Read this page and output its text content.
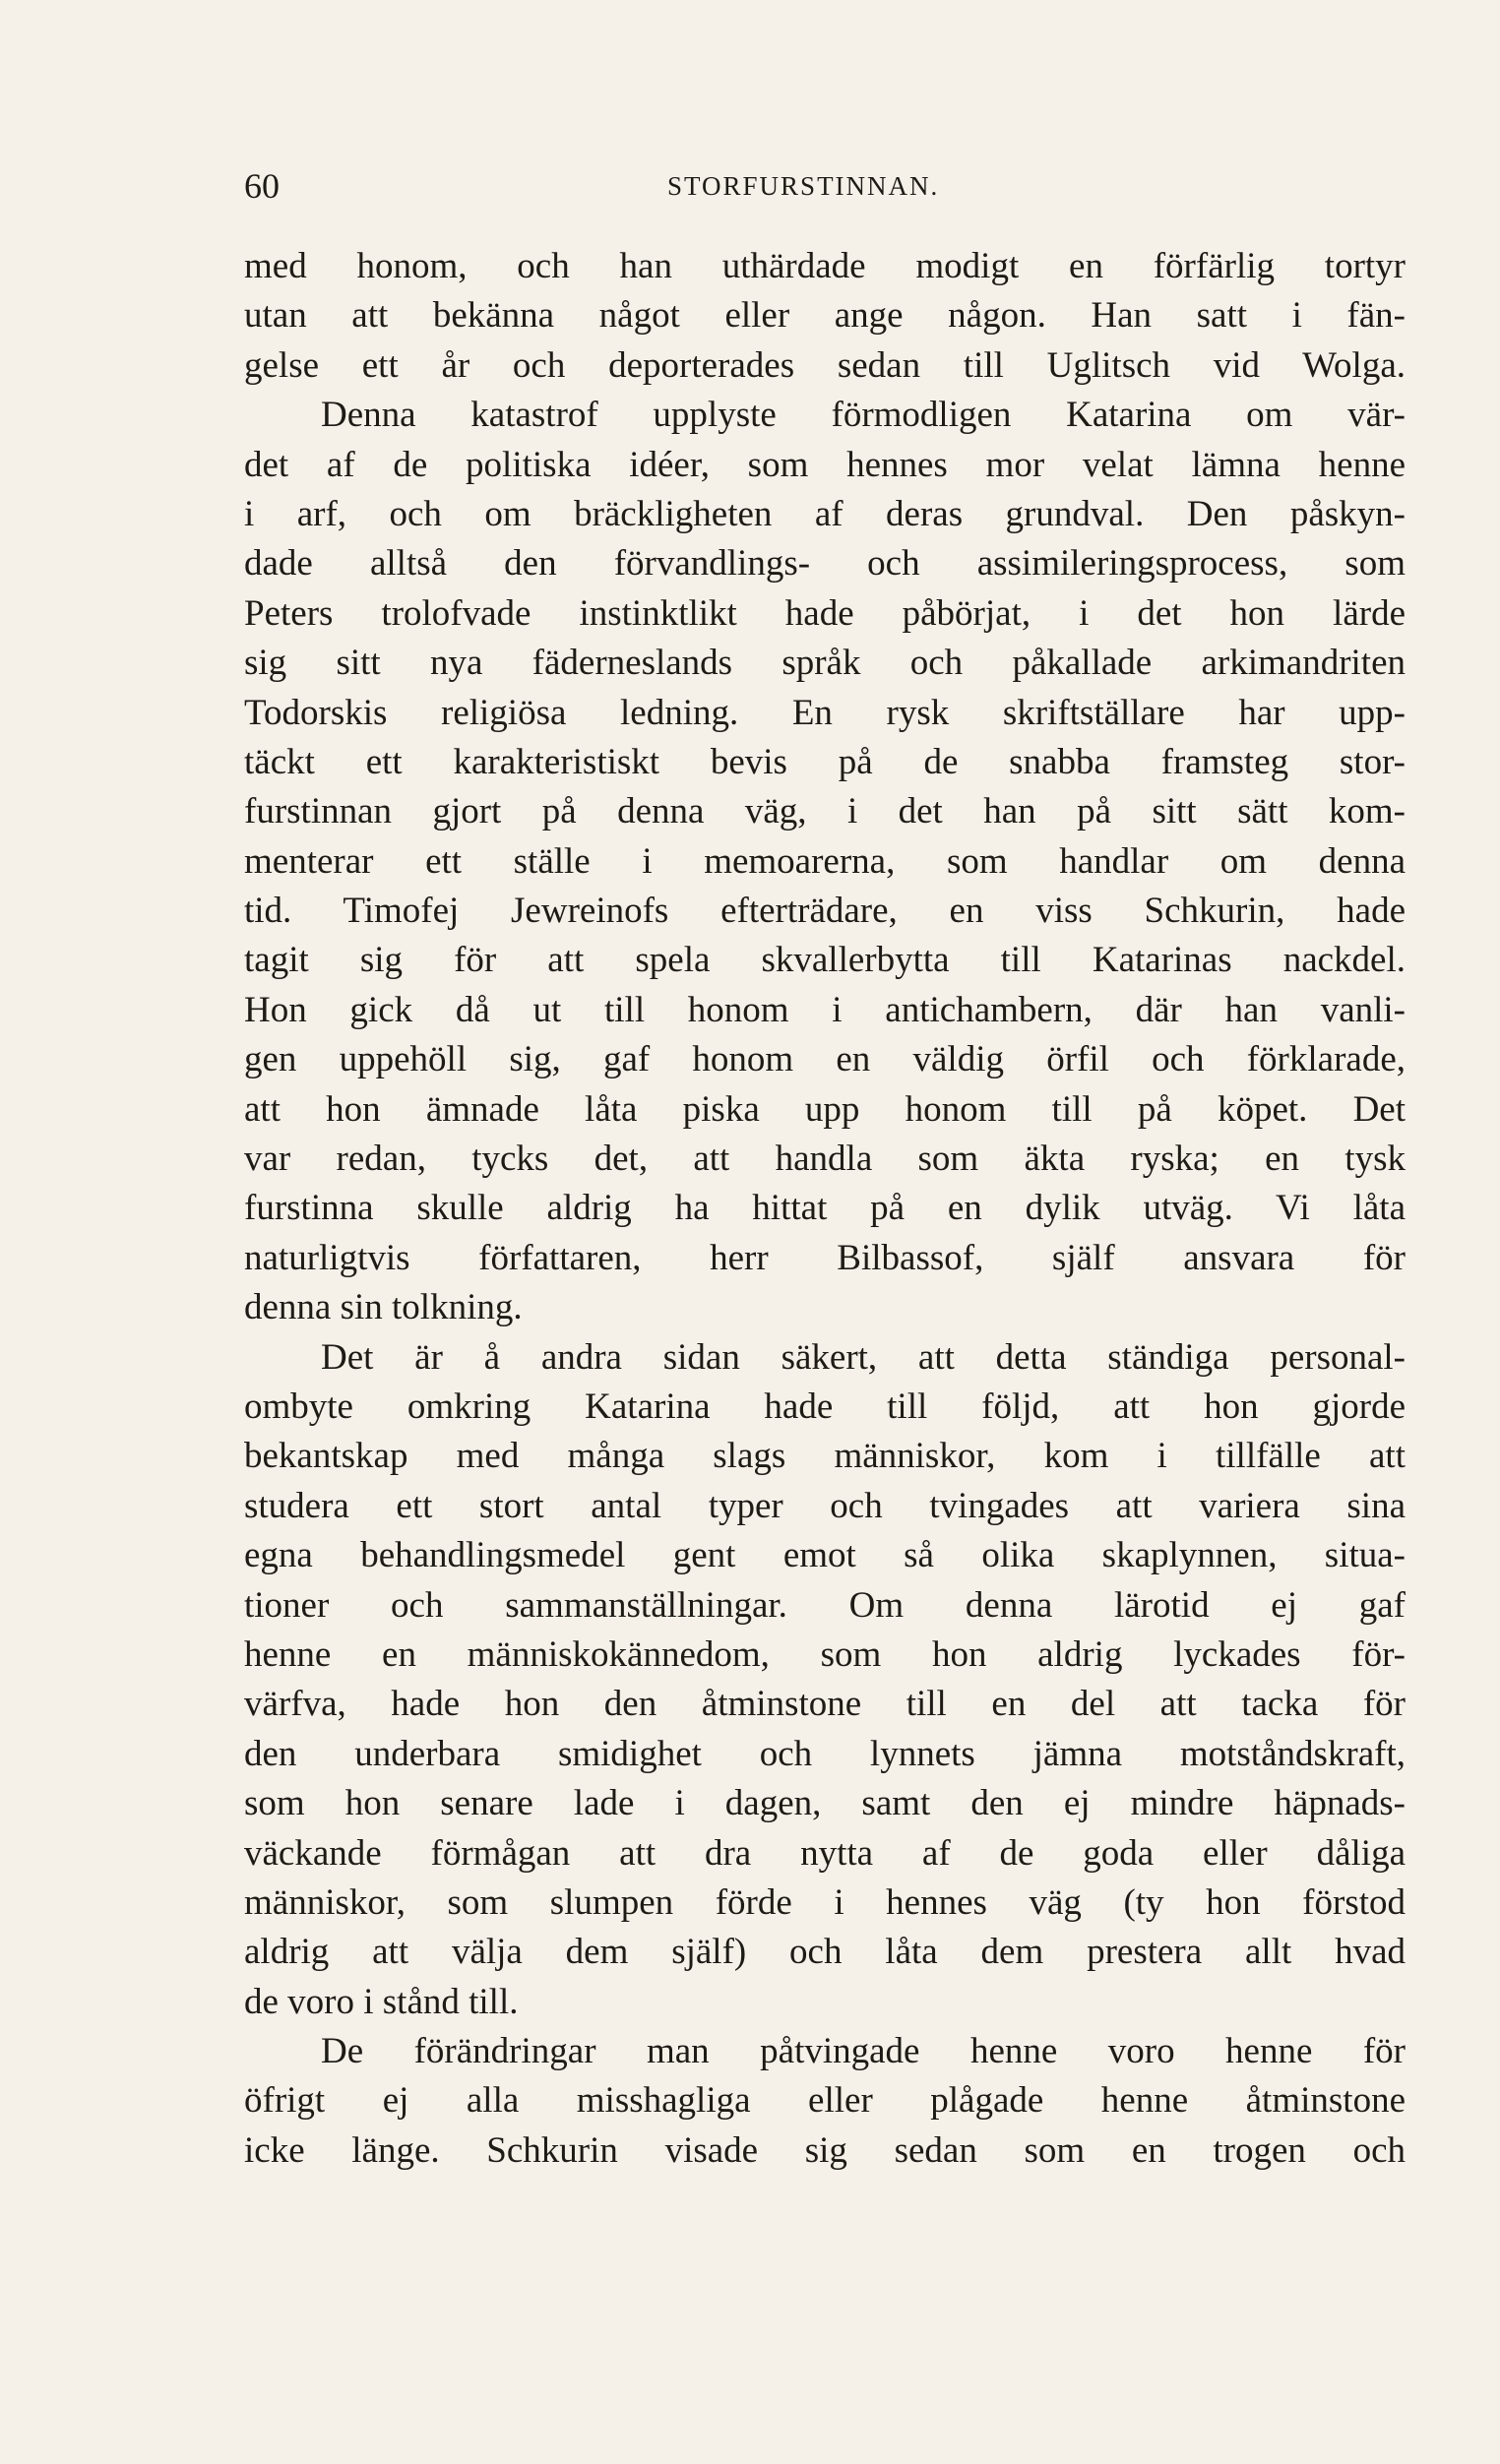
60	STORFURSTINNAN.
med honom, och han uthärdade modigt en förfärlig tortyr
utan att bekänna något eller ange någon. Han satt i fän-
gelse ett år och deporterades sedan till Uglitsch vid Wolga.
Denna katastrof upplyste förmodligen Katarina om vär-
det af de politiska idéer, som hennes mor velat lämna henne
i arf, och om bräckligheten af deras grundval. Den påskyn-
dade alltså den förvandlings- och assimileringsprocess, som
Peters trolofvade instinktlikt hade påbörjat, i det hon lärde
sig sitt nya fäderneslands språk och påkallade arkimandriten
Todorskis religiösa ledning. En rysk skriftställare har upp-
täckt ett karakteristiskt bevis på de snabba framsteg stor-
furstinnan gjort på denna väg, i det han på sitt sätt kom-
menterar ett ställe i memoarerna, som handlar om denna
tid. Timofej Jewreinofs efterträdare, en viss Schkurin, hade
tagit sig för att spela skvallerbytta till Katarinas nackdel.
Hon gick då ut till honom i antichambern, där han vanli-
gen uppehöll sig, gaf honom en väldig örfil och förklarade,
att hon ämnade låta piska upp honom till på köpet. Det
var redan, tycks det, att handla som äkta ryska; en tysk
furstinna skulle aldrig ha hittat på en dylik utväg. Vi låta
naturligtvis författaren, herr Bilbassof, själf ansvara för
denna sin tolkning.
Det är å andra sidan säkert, att detta ständiga personal-
ombyte omkring Katarina hade till följd, att hon gjorde
bekantskap med många slags människor, kom i tillfälle att
studera ett stort antal typer och tvingades att variera sina
egna behandlingsmedel gent emot så olika skaplynnen, situa-
tioner och sammanställningar. Om denna lärotid ej gaf
henne en människokännedom, som hon aldrig lyckades för-
värfva, hade hon den åtminstone till en del att tacka för
den underbara smidighet och lynnets jämna motståndskraft,
som hon senare lade i dagen, samt den ej mindre häpnads-
väckande förmågan att dra nytta af de goda eller dåliga
människor, som slumpen förde i hennes väg (ty hon förstod
aldrig att välja dem själf) och låta dem prestera allt hvad
de voro i stånd till.
De förändringar man påtvingade henne voro henne för
öfrigt ej alla misshagliga eller plågade henne åtminstone
icke länge. Schkurin visade sig sedan som en trogen och
